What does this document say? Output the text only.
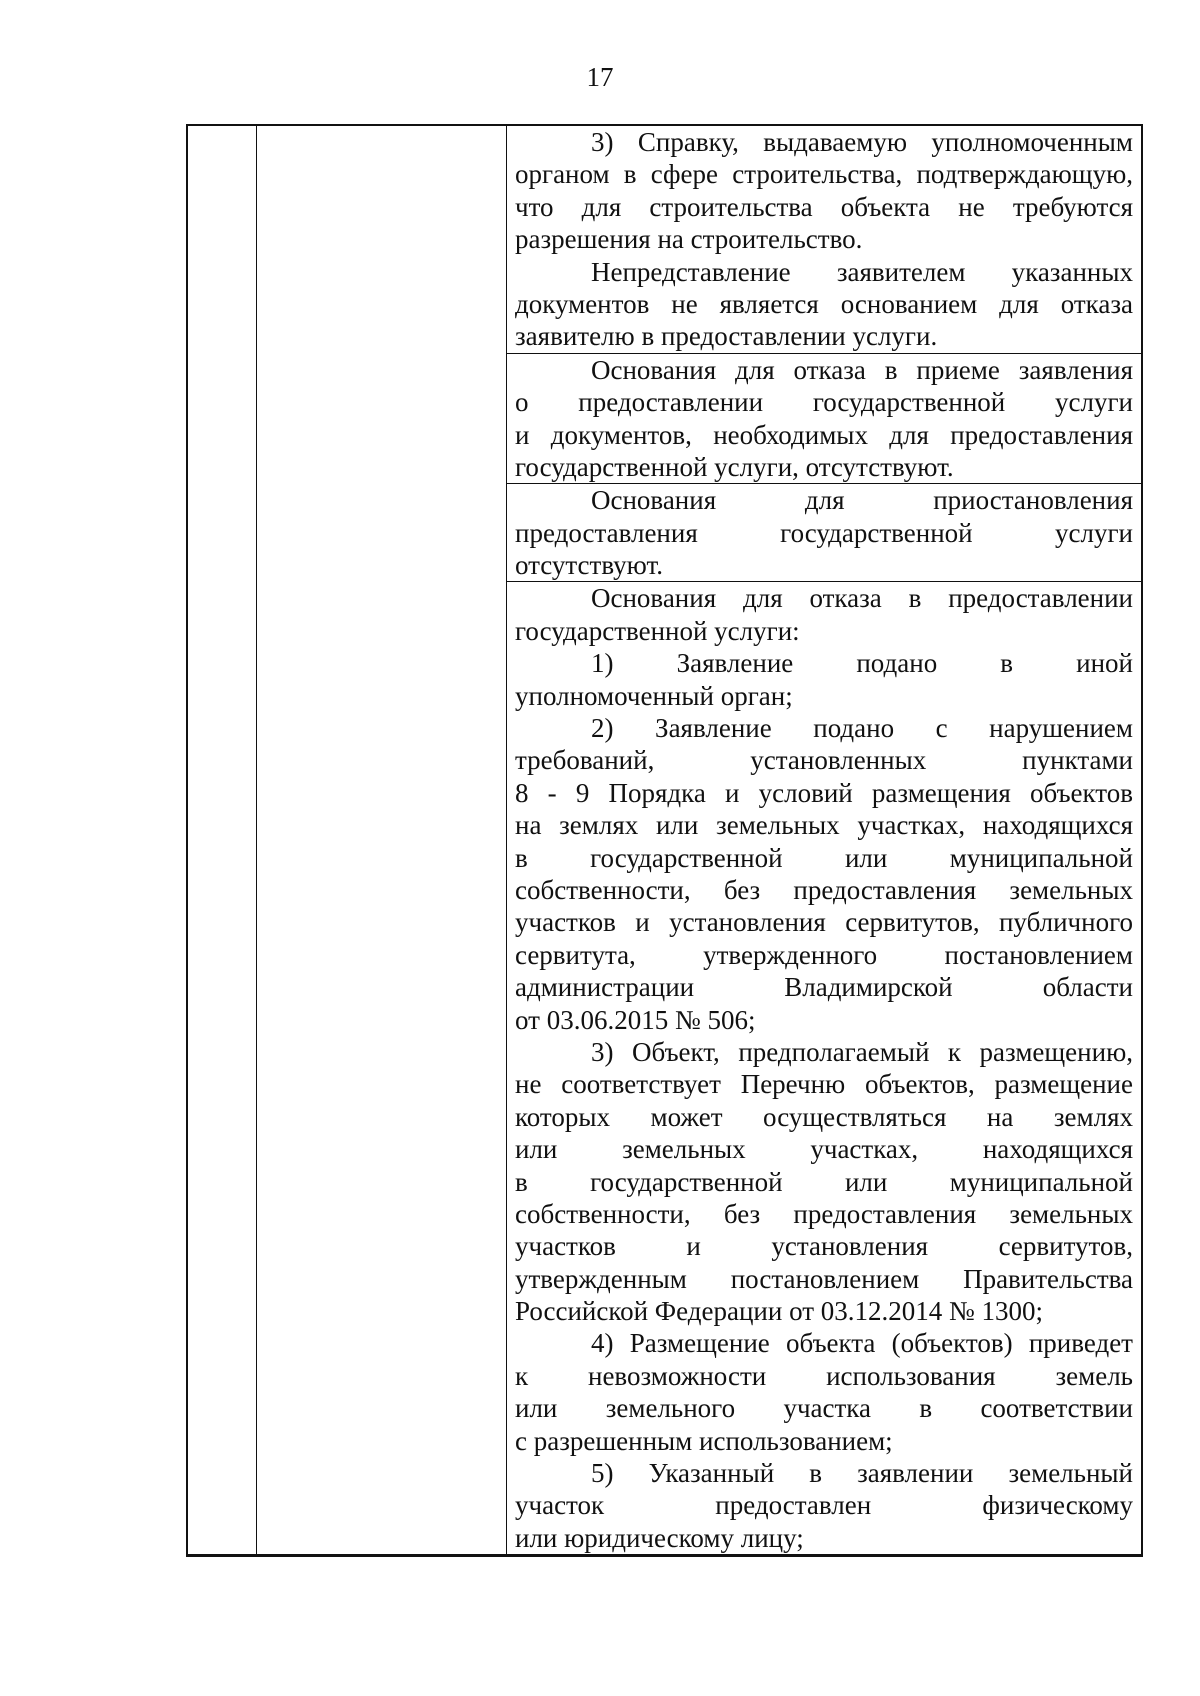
17
3) Справку, выдаваемую уполномоченным
органом в сфере строительства, подтверждающую,
что для строительства объекта не требуются
разрешения на строительство.
Непредставление заявителем указанных
документов не является основанием для отказа
заявителю в предоставлении услуги.
Основания для отказа в приеме заявления
о предоставлении государственной услуги
и документов, необходимых для предоставления
государственной услуги, отсутствуют.
Основания для приостановления
предоставления государственной услуги
отсутствуют.
Основания для отказа в предоставлении
государственной услуги:
1) Заявление подано в иной
уполномоченный орган;
2) Заявление подано с нарушением
требований, установленных пунктами
8 - 9 Порядка и условий размещения объектов
на землях или земельных участках, находящихся
в государственной или муниципальной
собственности, без предоставления земельных
участков и установления сервитутов, публичного
сервитута, утвержденного постановлением
администрации Владимирской области
от 03.06.2015 № 506;
3) Объект, предполагаемый к размещению,
не соответствует Перечню объектов, размещение
которых может осуществляться на землях
или земельных участках, находящихся
в государственной или муниципальной
собственности, без предоставления земельных
участков и установления сервитутов,
утвержденным постановлением Правительства
Российской Федерации от 03.12.2014 № 1300;
4) Размещение объекта (объектов) приведет
к невозможности использования земель
или земельного участка в соответствии
с разрешенным использованием;
5) Указанный в заявлении земельный
участок предоставлен физическому
или юридическому лицу;
